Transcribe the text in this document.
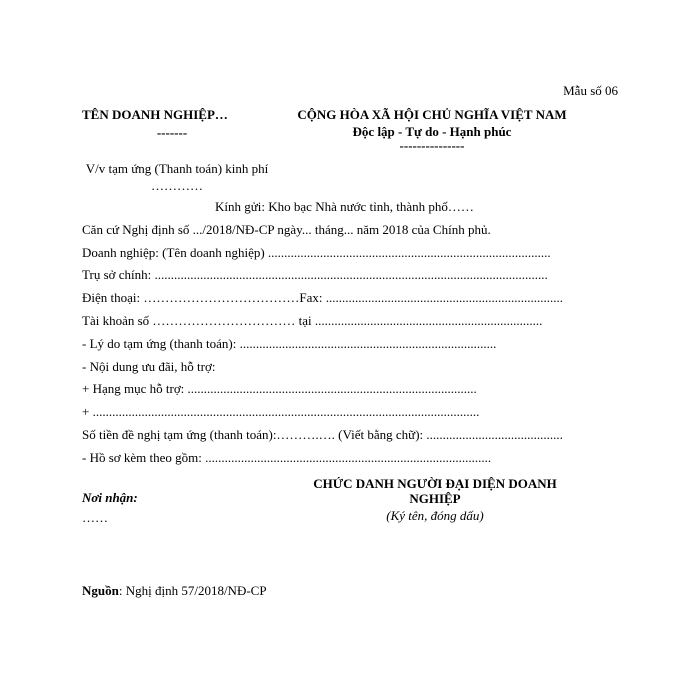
Mẫu số 06
TÊN DOANH NGHIỆP…
-------
CỘNG HÒA XÃ HỘI CHỦ NGHĨA VIỆT NAM
Độc lập - Tự do - Hạnh phúc
---------------
V/v tạm ứng (Thanh toán) kinh phí …………
Kính gửi: Kho bạc Nhà nước tỉnh, thành phố……
Căn cứ Nghị định số .../2018/NĐ-CP ngày... tháng... năm 2018 của Chính phủ.
Doanh nghiệp: (Tên doanh nghiệp) .......................................................................................
Trụ sở chính: .........................................................................................................................
Điện thoại: ………………………………Fax: .........................................................................
Tài khoản số …………………………… tại ......................................................................
- Lý do tạm ứng (thanh toán): ...............................................................................
- Nội dung ưu đãi, hỗ trợ:
+ Hạng mục hỗ trợ: .........................................................................................
+ .......................................................................................................................
Số tiền đề nghị tạm ứng (thanh toán):……….…. (Viết bằng chữ): ..........................................
- Hồ sơ kèm theo gồm: ........................................................................................
Nơi nhận:
……
CHỨC DANH NGƯỜI ĐẠI DIỆN DOANH NGHIỆP
(Ký tên, đóng dấu)
Nguồn: Nghị định 57/2018/NĐ-CP
